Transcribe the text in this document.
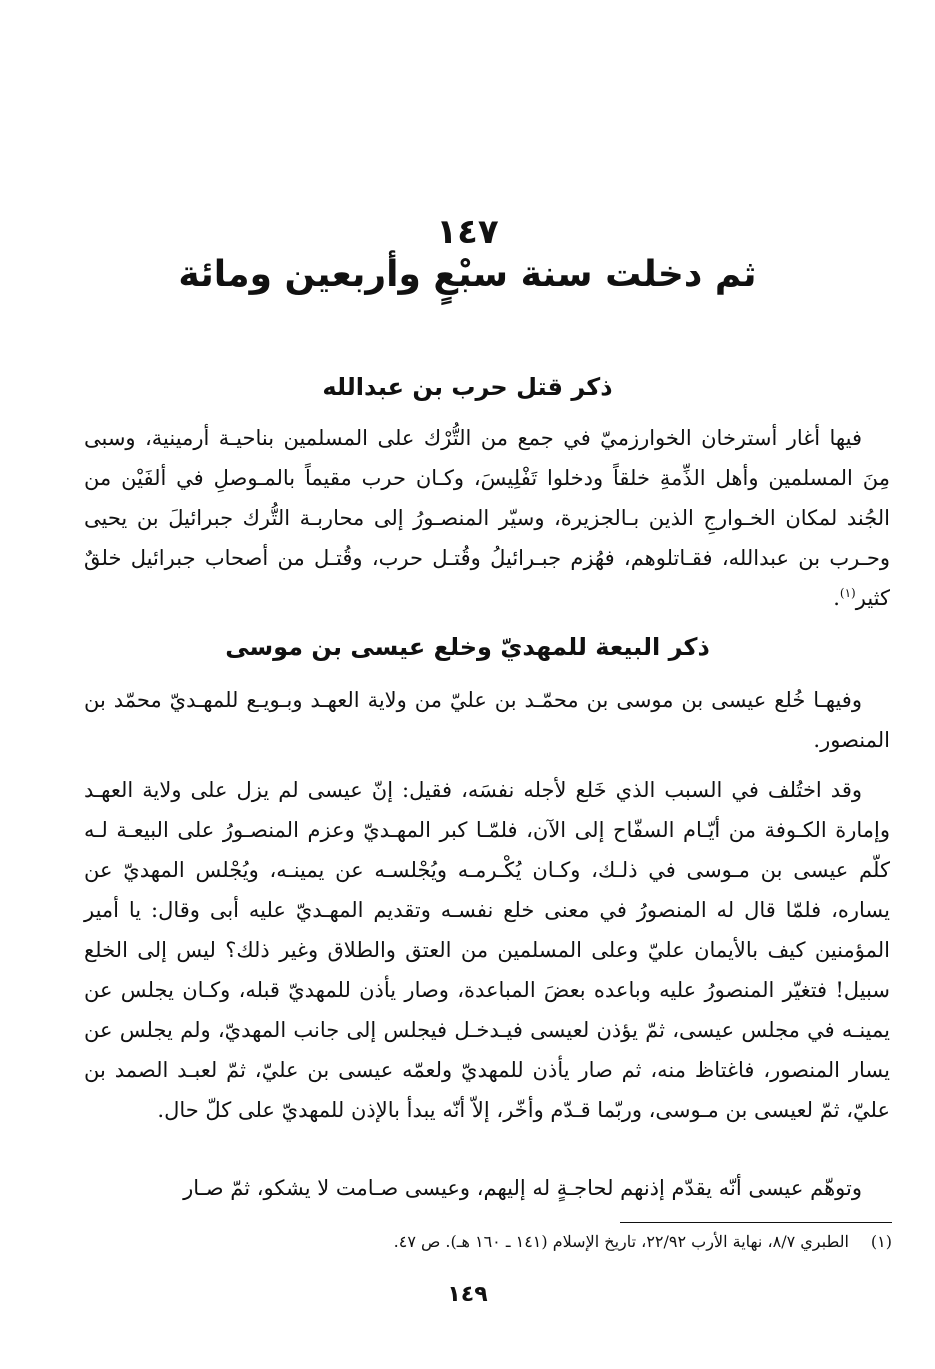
١٤٧
ثم دخلت سنة سبْعٍ وأربعين ومائة
ذكر قتل حرب بن عبدالله

فيها أغار أسترخان الخوارزميّ في جمع من التُّرْك على المسلمين بناحيـة أرمينية، وسبى مِنَ المسلمين وأهل الذِّمةِ خلقاً ودخلوا تَفْلِيسَ، وكـان حرب مقيماً بالمـوصلِ في ألفَيْن من الجُند لمكان الخـوارجِ الذين بـالجزيرة، وسيّر المنصـورُ إلى محاربـة التُّرك جبرائيلَ بن يحيى وحـرب بن عبدالله، فقـاتلوهم، فهُزم جبـرائيلُ وقُتـل حرب، وقُتـل من أصحاب جبرائيل خلقٌ كثير$^{(١)}$.

ذكر البيعة للمهديّ وخلع عيسى بن موسى

وفيهـا خُلع عيسى بن موسى بن محمّـد بن عليّ من ولاية العهـد وبـويـع للمهـديّ محمّد بن المنصور.

وقد اختُلف في السبب الذي خَلع لأجله نفسَه، فقيل: إنّ عيسى لم يزل على ولاية العهـد وإمارة الكـوفة من أيّـام السفّاح إلى الآن، فلمّـا كبر المهـديّ وعزم المنصـورُ على البيعـة لـه كلّم عيسى بن مـوسى في ذلـك، وكـان يُكْـرمـه ويُجْلسـه عن يمينـه، ويُجْلس المهديّ عن يساره، فلمّا قال له المنصورُ في معنى خلع نفسـه وتقديم المهـديّ عليه أبى وقال: يا أمير المؤمنين كيف بالأيمان عليّ وعلى المسلمين من العتق والطلاق وغير ذلك؟ ليس إلى الخلع سبيل! فتغيّر المنصورُ عليه وباعده بعضَ المباعدة، وصار يأذن للمهديّ قبله، وكـان يجلس عن يمينـه في مجلس عيسى، ثمّ يؤذن لعيسى فيـدخـل فيجلس إلى جانب المهديّ، ولم يجلس عن يسار المنصور، فاغتاظ منه، ثم صار يأذن للمهديّ ولعمّه عيسى بن عليّ، ثمّ لعبـد الصمد بن عليّ، ثمّ لعيسى بن مـوسى، وربّما قـدّم وأخّر، إلاّ أنّه يبدأ بالإذن للمهديّ على كلّ حال.

وتوهّم عيسى أنّه يقدّم إذنهم لحاجـةٍ له إليهم، وعيسى صـامت لا يشكو، ثمّ صـار

(١)الطبري ٨/٧، نهاية الأرب ٢٢/٩٢، تاريخ الإسلام (١٤١ ـ ١٦٠ هـ). ص ٤٧.
١٤٩
